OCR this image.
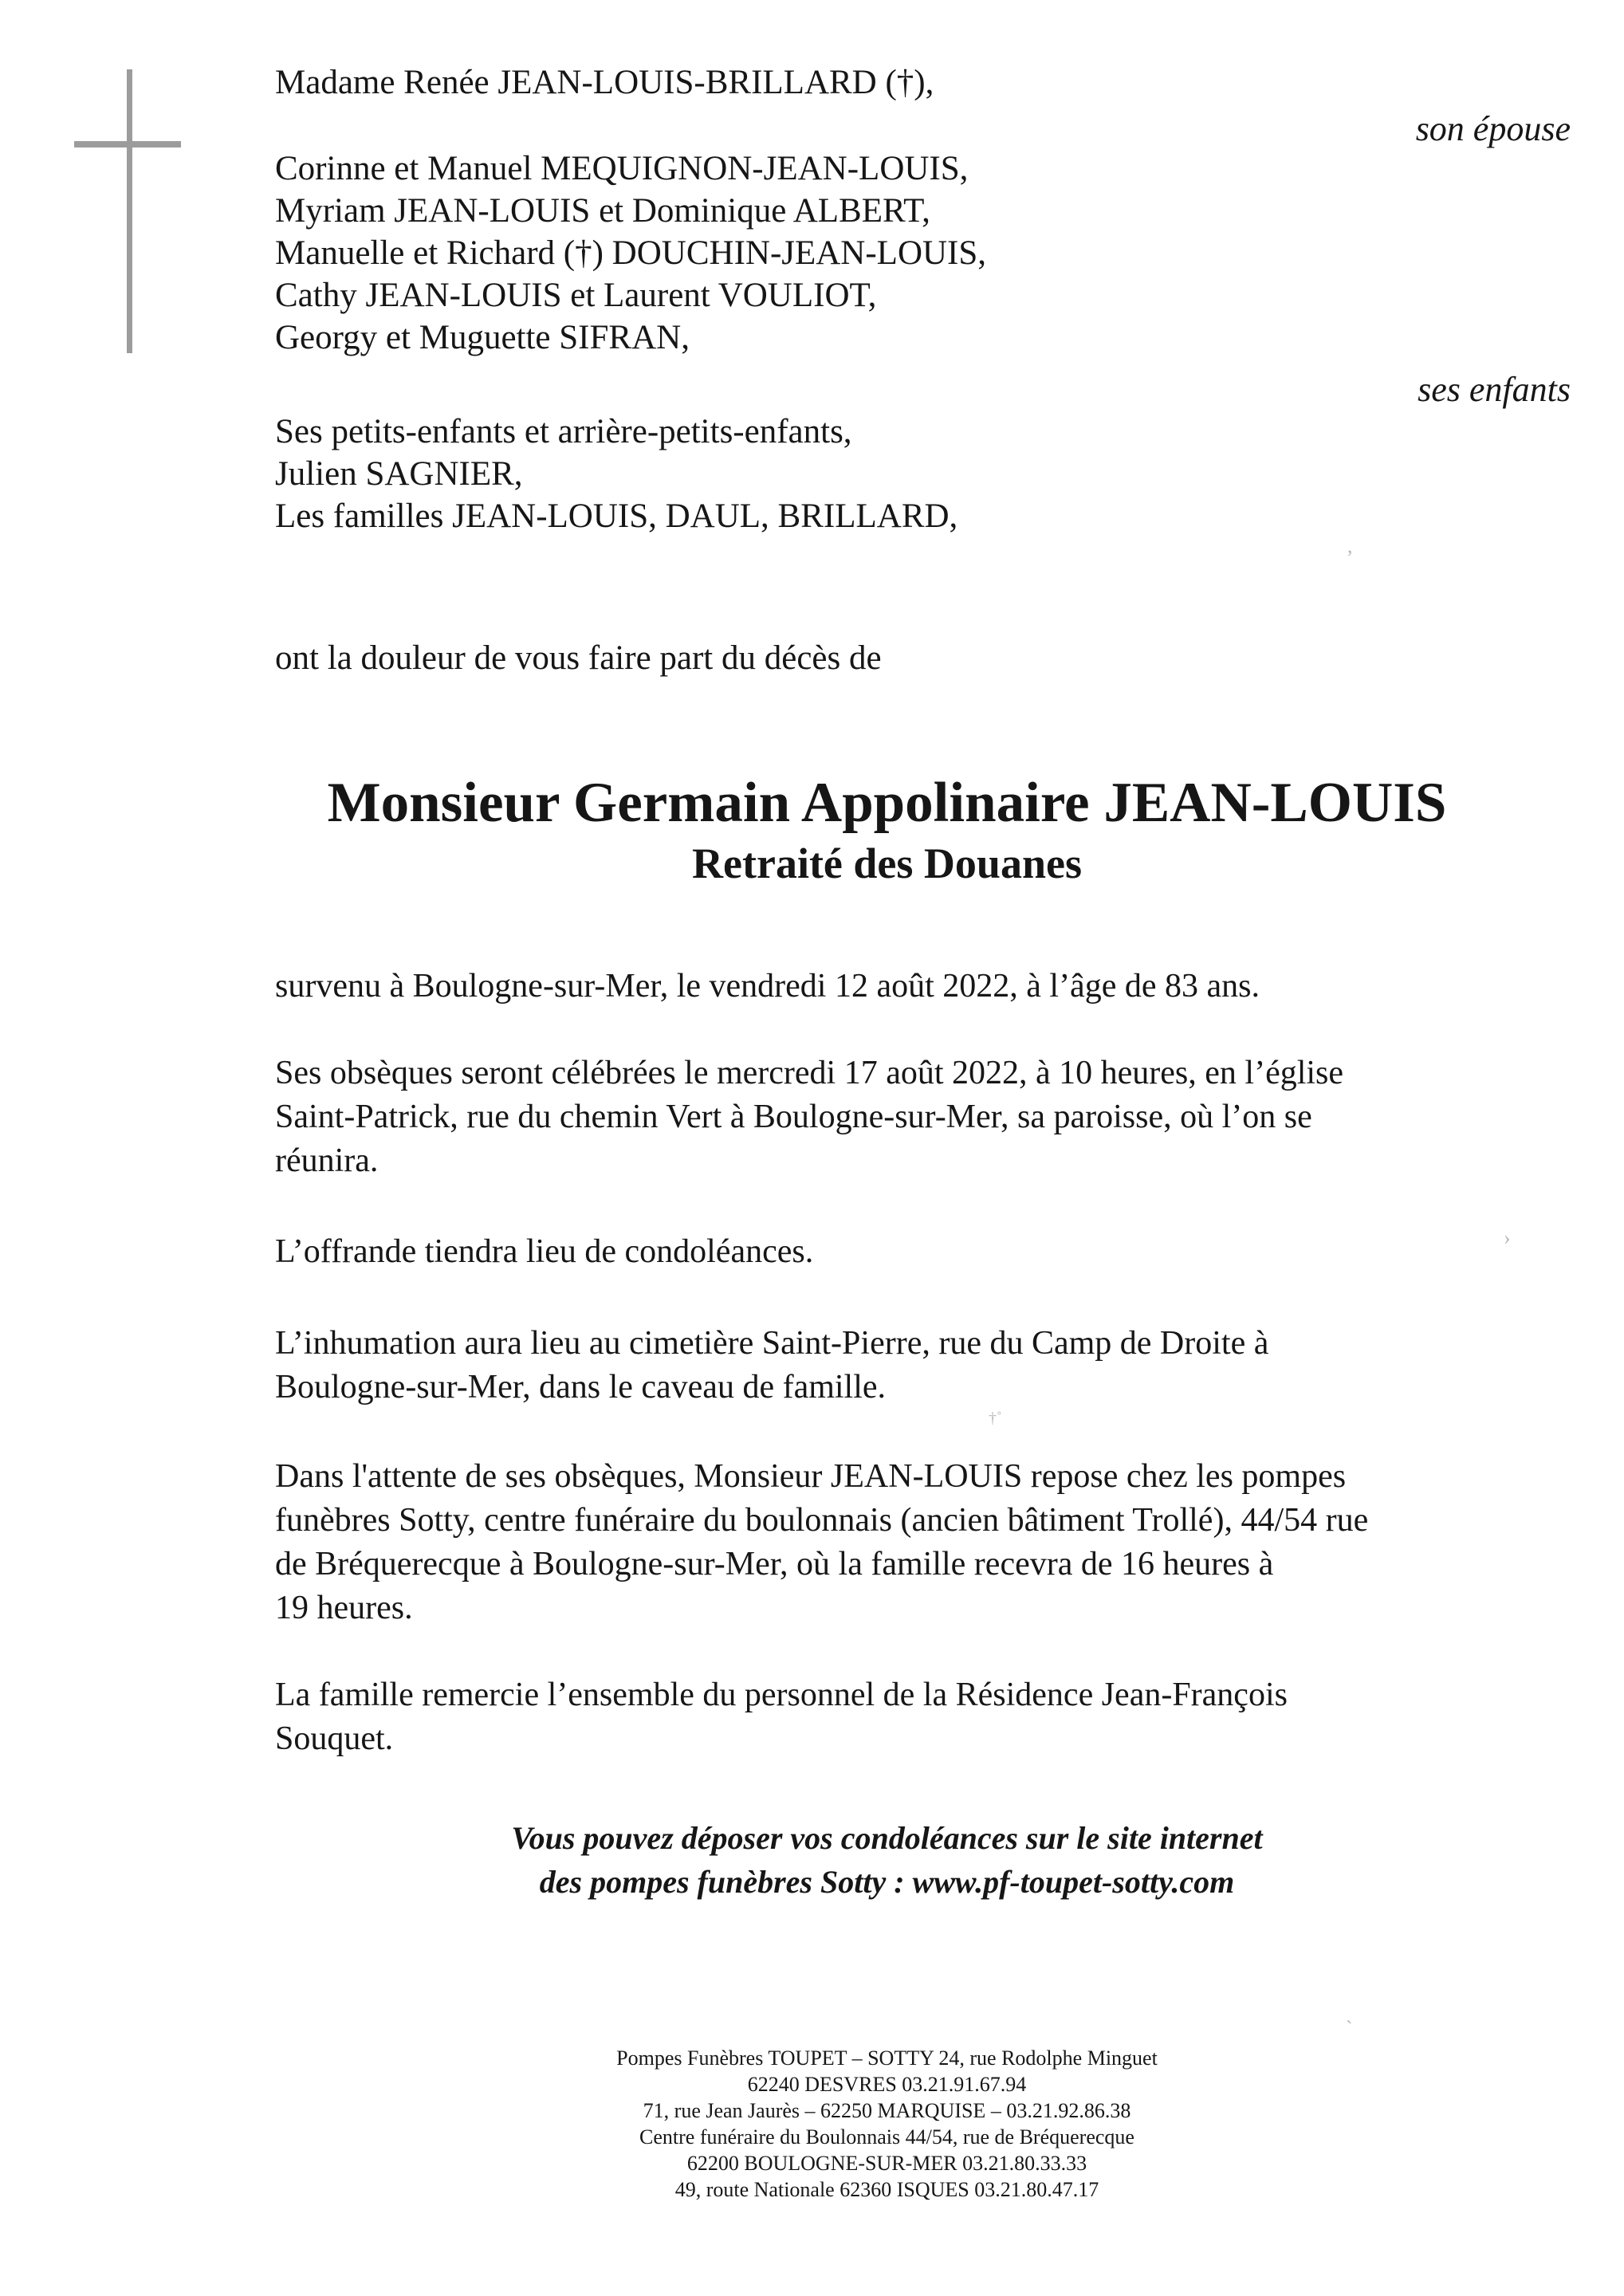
Madame Renée JEAN-LOUIS-BRILLARD (†),
son épouse
Corinne et Manuel MEQUIGNON-JEAN-LOUIS,
Myriam JEAN-LOUIS et Dominique ALBERT,
Manuelle et Richard (†) DOUCHIN-JEAN-LOUIS,
Cathy JEAN-LOUIS et Laurent VOULIOT,
Georgy et Muguette SIFRAN,
ses enfants
Ses petits-enfants et arrière-petits-enfants,
Julien SAGNIER,
Les familles JEAN-LOUIS, DAUL, BRILLARD,
ont la douleur de vous faire part du décès de
Monsieur Germain Appolinaire JEAN-LOUIS
Retraité des Douanes
survenu à Boulogne-sur-Mer, le vendredi 12 août 2022, à l’âge de 83 ans.
Ses obsèques seront célébrées le mercredi 17 août 2022, à 10 heures, en l’église
Saint-Patrick, rue du chemin Vert à Boulogne-sur-Mer, sa paroisse, où l’on se
réunira.
L’offrande tiendra lieu de condoléances.
L’inhumation aura lieu au cimetière Saint-Pierre, rue du Camp de Droite à
Boulogne-sur-Mer, dans le caveau de famille.
Dans l'attente de ses obsèques, Monsieur JEAN-LOUIS repose chez les pompes
funèbres Sotty, centre funéraire du boulonnais (ancien bâtiment Trollé), 44/54 rue
de Bréquerecque à Boulogne-sur-Mer, où la famille recevra de 16 heures à
19 heures.
La famille remercie l’ensemble du personnel de la Résidence Jean-François
Souquet.
Vous pouvez déposer vos condoléances sur le site internet
des pompes funèbres Sotty : www.pf-toupet-sotty.com
Pompes Funèbres TOUPET – SOTTY 24, rue Rodolphe Minguet
62240 DESVRES 03.21.91.67.94
71, rue Jean Jaurès – 62250 MARQUISE – 03.21.92.86.38
Centre funéraire du Boulonnais 44/54, rue de Bréquerecque
62200 BOULOGNE-SUR-MER 03.21.80.33.33
49, route Nationale 62360 ISQUES 03.21.80.47.17
,
›
†˚
`
